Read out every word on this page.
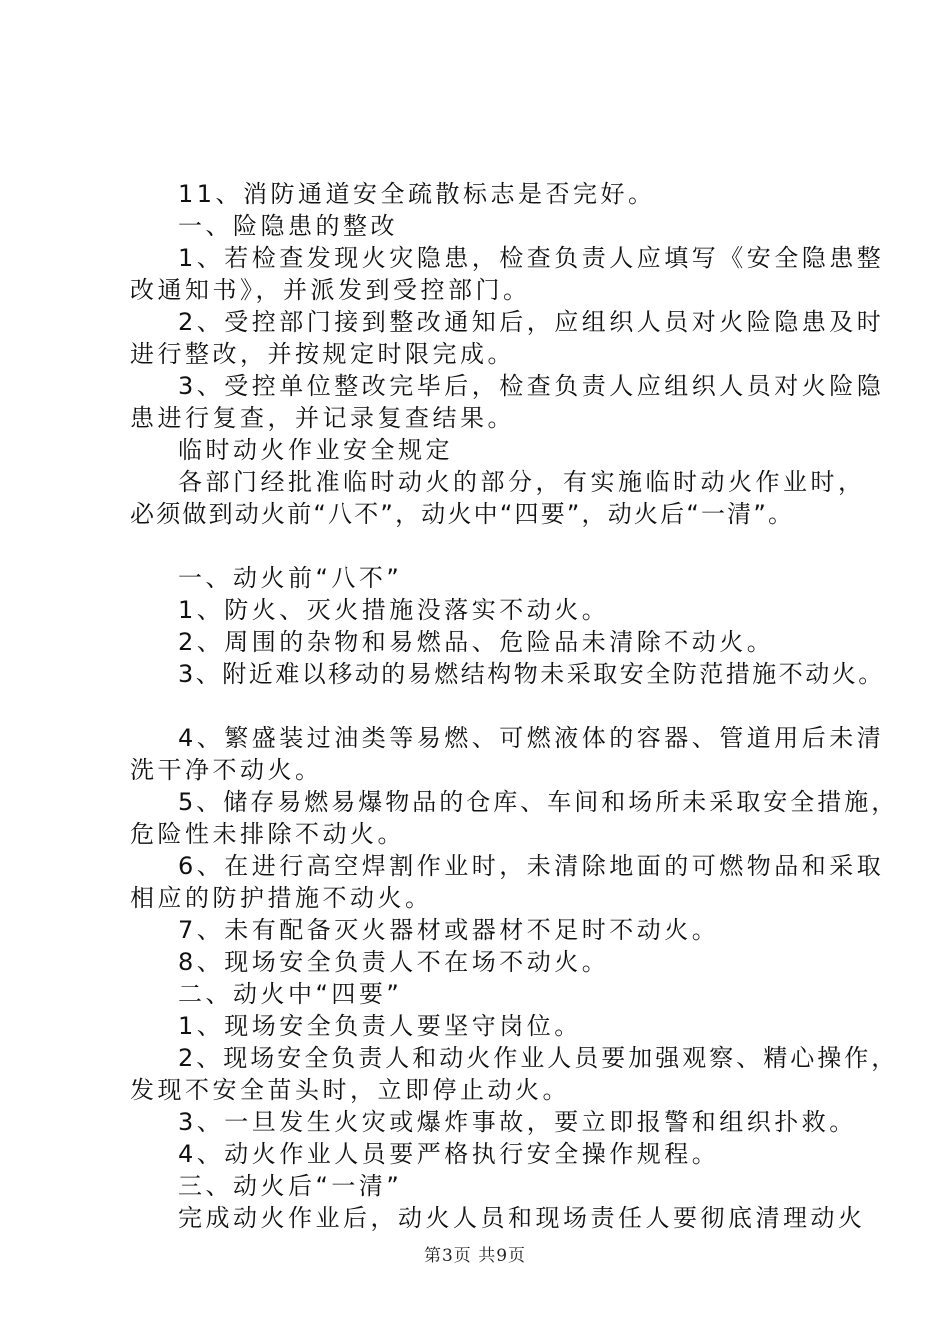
11、消防通道安全疏散标志是否完好。
一、险隐患的整改
1、若检查发现火灾隐患，检查负责人应填写《安全隐患整
改通知书》，并派发到受控部门。
2、受控部门接到整改通知后，应组织人员对火险隐患及时
进行整改，并按规定时限完成。
3、受控单位整改完毕后，检查负责人应组织人员对火险隐
患进行复查，并记录复查结果。
临时动火作业安全规定
各部门经批准临时动火的部分，有实施临时动火作业时，
必须做到动火前“八不”，动火中“四要”，动火后“一清”。
一、动火前“八不”
1、防火、灭火措施没落实不动火。
2、周围的杂物和易燃品、危险品未清除不动火。
3、附近难以移动的易燃结构物未采取安全防范措施不动火。
4、繁盛装过油类等易燃、可燃液体的容器、管道用后未清
洗干净不动火。
5、储存易燃易爆物品的仓库、车间和场所未采取安全措施，
危险性未排除不动火。
6、在进行高空焊割作业时，未清除地面的可燃物品和采取
相应的防护措施不动火。
7、未有配备灭火器材或器材不足时不动火。
8、现场安全负责人不在场不动火。
二、动火中“四要”
1、现场安全负责人要坚守岗位。
2、现场安全负责人和动火作业人员要加强观察、精心操作，
发现不安全苗头时，立即停止动火。
3、一旦发生火灾或爆炸事故，要立即报警和组织扑救。
4、动火作业人员要严格执行安全操作规程。
三、动火后“一清”
完成动火作业后，动火人员和现场责任人要彻底清理动火
第3页 共9页
